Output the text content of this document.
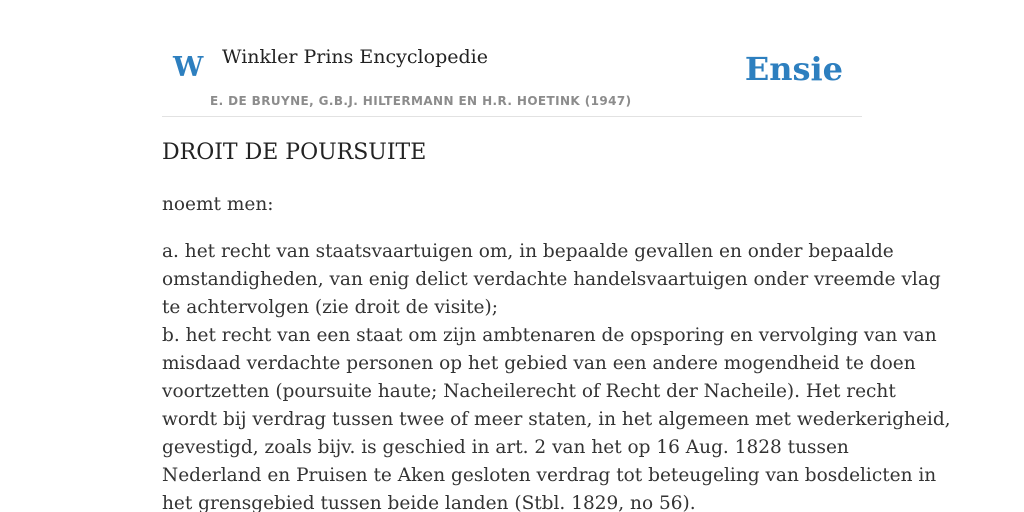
W Winkler Prins Encyclopedie
E. DE BRUYNE, G.B.J. HILTERMANN EN H.R. HOETINK (1947)
Ensie
DROIT DE POURSUITE

noemt men:

a. het recht van staatsvaartuigen om, in bepaalde gevallen en onder bepaalde
omstandigheden, van enig delict verdachte handelsvaartuigen onder vreemde vlag
te achtervolgen (zie droit de visite);
b. het recht van een staat om zijn ambtenaren de opsporing en vervolging van van
misdaad verdachte personen op het gebied van een andere mogendheid te doen
voortzetten (poursuite haute; Nacheilerecht of Recht der Nacheile). Het recht
wordt bij verdrag tussen twee of meer staten, in het algemeen met wederkerigheid,
gevestigd, zoals bijv. is geschied in art. 2 van het op 16 Aug. 1828 tussen
Nederland en Pruisen te Aken gesloten verdrag tot beteugeling van bosdelicten in
het grensgebied tussen beide landen (Stbl. 1829, no 56).
